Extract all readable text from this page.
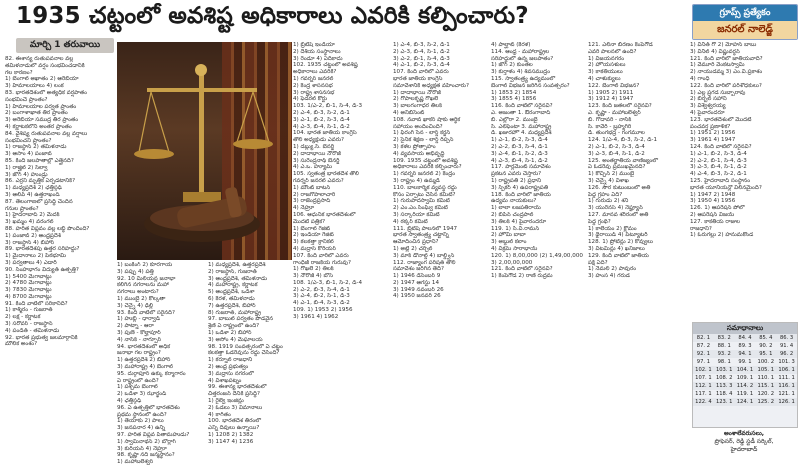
1935 చట్టంలో అవశిష్ట అధికారాలు ఎవరికి కల్పించారు?	గ్రూప్స్ ప్రత్యేకం
జనరల్ నాలెడ్జ్
మార్చి 1 తరువాయి
82. ఈశాన్య రుతుపవనాల వల్ల
తమిళనాడులో వర్షం సంభవించడానికి
గల కారణం?
1) బెంగాల్ అఖాతం 2) ఆరేబియా
3) హిమాలయాలు 4) లంక
83. భారతదేశంలో అత్యధిక వర్షపాతం
సంభవించే ప్రాంతం?
1) హిమాలయాల పర్వత ప్రాంతం
2) బంగాళాఖాత తీర ప్రాంతం
3) అరేబియా సముద్ర తీర ప్రాంతం
4) కర్ణాటకలోని అంతర ప్రాంతం
84. వైశిష్య రుతుపవనాల వల్ల వర్షాలు
సంభవించని ప్రాంతం?
1) రాజస్థాన్ 2) తమిళనాడు
3) ఆసాం 4) పంజాబ్
85. కింది జలపాతాల్లో ఎత్తైనది?
1) రాజ్హిల్ 2) సిల్వా
3) జోగ్ 4) హుండ్రు
86. ఎర్రని మృత్తిక ఏర్పడటానికి?
1) మధ్యప్రదేశ్ 2) ఛత్తీస్గఢ్
3) ఆలివ్ 4) ఉత్తరాఖండ్
87. తెలంగాణలో ప్రసిద్ధి చెందిన
గనుల ప్రాంతం?
1) హైదరాబాద్ 2) మెదక్
3) ఖమ్మం 4) వరంగల్
88. హరిత విప్లవం వల్ల లబ్ధి పొందింది?
1) పంజాబ్ 2) ఆంధ్రప్రదేశ్
3) రాజస్థాన్ 4) బిహార్
89. భారతదేశపు ఉత్తర సరిహద్దు?
1) మైదానాలు 2) పీఠభూమి
3) పర్వతాలు 4) ఎడారి
90. సింహభాగం విద్యుత్ ఉత్పత్తి?
1) 5400 మెగావాట్లు
2) 4780 మెగావాట్లు
3) 7830 మెగావాట్లు
4) 8700 మెగావాట్లు
91. కింది వాటిలో సరికానిది?
1) కాశ్మీరం - గుజరాత్
2) లక్ష - కర్ణాటక
3) సరోవర్ - రాజస్థాన్
4) పండిత్ - తమిళనాడు
92. భారత ప్రభుత్వ జలమార్గానికి
మౌలిక అంశం?
1) బంకింగ్ 2) కూరగాయ
3) పప్పు 4) పత్తి
92. 10 మిలియన్ల జనాభా
కలిగిన నగరాలను మహా
నగరాలు అంటారు?
1) ముంబై 2) కోల్కతా
3) చెన్నై 4) ఢిల్లీ
93. కింది వాటిలో సరైనది?
1) హుబ్లీ - ధార్వాడ్
2) పాట్నా - ఆరా
3) పుణె - కొల్హాపూర్
4) నాసిక్ - నాగ్పూర్
94. భారతదేశంలో అధిక
జనాభా గల రాష్ట్రం?
1) ఉత్తరప్రదేశ్ 2) బిహార్
3) మహారాష్ట్ర 4) బెంగాల్
95. దుర్గాపూర్ ఉక్కు కర్మాగారం
ఏ రాష్ట్రంలో ఉంది?
1) పశ్చిమ బెంగాల్
2) ఒడిశా 3) ఝార్ఖండ్
4) ఛత్తీస్గఢ్
96. ఏ ఉత్పత్తిలో భారతదేశం
ప్రథమ స్థానంలో ఉంది?
1) తేయాకు 2) పాలు
3) జనపనార 4) ఉన్ని
97. హరిత విప్లవ పితామహుడు?
1) స్వామినాథన్ 2) బోర్లాగ్
3) కురియన్ 4) నెహ్రూ
98. కృష్ణా నది జన్మస్థానం?
1) మహాబలేశ్వర్
1) మధ్యప్రదేశ్, ఉత్తరప్రదేశ్
2) రాజస్థాన్, గుజరాత్
3) ఆంధ్రప్రదేశ్, తమిళనాడు
4) మహారాష్ట్ర, కర్ణాటక
5) ఆంధ్రప్రదేశ్, ఒడిశా
6) కేరళ, తమిళనాడు
7) ఉత్తరప్రదేశ్, బిహార్
8) గుజరాత్, మహారాష్ట్ర
97. బాబుల్ పర్వతం పొడవైన
శ్రేణి ఏ రాష్ట్రంలో ఉంది?
1) ఒడిశా 2) బిహార్
3) అసోం 4) మేఘాలయ
98. 1919 సంవత్సరంలో ఏ చట్టం
కలకత్తా ఓడరేవును రద్దు చేసింది?
1) కర్నూల్ రాజధాని
2) ఆంధ్ర ప్రభుత్వం
3) మద్రాసు నగరంలో
4) విశాఖపట్నం
99. ఈశాన్య భారతదేశంలో
చిత్తరంజన్ దేనికి ప్రసిద్ధి?
1) రైల్వే ఇంజిన్లు
2) ఓడలు 3) విమానాలు
4) కాగితం
100. భారతదేశ తీరంలో
ఎన్ని దీవులు ఉన్నాయి?
1) 1208 2) 1382
3) 1147 4) 1236
1) బ్రిటిష్ ఇండియా
2) దేశీయ సంస్థానాలు
3) రెండూ 4) ఏదీకాదు
102. 1935 చట్టంలో అవశిష్ట
అధికారాలు ఎవరికి?
1) గవర్నర్ జనరల్
2) కేంద్ర శాసనసభ
3) రాష్ట్ర శాసనసభ
4) ఫెడరల్ కోర్టు
103. 1/ఎ-2, బి-1, సి-4, డి-3
2) ఎ-4, బి-3, సి-2, డి-1
3) ఎ-1, బి-2, సి-3, డి-4
4) ఎ-3, బి-4, సి-1, డి-2
104. భారత జాతీయ కాంగ్రెస్
తొలి అధ్యక్షుడు ఎవరు?
1) డబ్ల్యు.సి. బెనర్జీ
2) దాదాభాయి నౌరోజీ
3) సురేంద్రనాథ్ బెనర్జీ
4) ఎ.ఒ. హ్యూమ్
105. స్వతంత్ర భారతదేశ తొలి
గవర్నర్ జనరల్ ఎవరు?
1) మౌంట్ బాటన్
2) రాజగోపాలాచారి
3) రాజేంద్రప్రసాద్
4) నెహ్రూ
106. ఆధునిక భారతదేశంలో
మొదటి పత్రిక?
1) బెంగాల్ గెజిట్
2) ఇండియా గెజిట్
3) కలకత్తా క్రానికల్
4) మద్రాస్ కొరియర్
107. కింది వారిలో ఎవరు
గాంధీజీ రాజకీయ గురువు?
1) గోఖలే 2) తిలక్
3) నౌరోజీ 4) బోస్
108. 1/ఎ-3, బి-1, సి-2, డి-4
2) ఎ-2, బి-3, సి-4, డి-1
3) ఎ-4, బి-2, సి-1, డి-3
4) ఎ-1, బి-4, సి-3, డి-2
109. 1) 1953 2) 1956
3) 1961 4) 1962
1) ఎ-4, బి-3, సి-2, డి-1
2) ఎ-3, బి-4, సి-1, డి-2
3) ఎ-2, బి-1, సి-4, డి-3
4) ఎ-1, బి-2, సి-3, డి-4
107. కింది వారిలో ఎవరు
భారత జాతీయ కాంగ్రెస్
సమావేశానికి అధ్యక్షత వహించారు?
1) దాదాభాయి నౌరోజీ
2) గోపాలకృష్ణ గోఖలే
3) బాలగంగాధర తిలక్
4) అనీబిసెంట్
108. నవాబ్ ఖాకర్ షాకు ఆర్థిక
సహాయం అందించింది?
1) ఫిరంగి సేన - లార్డ్ కర్జన్
2) సైనిక శిక్షణ - లార్డ్ రిప్పన్
3) కళల ప్రోత్సాహం
4) వ్యవసాయ అభివృద్ధి
109. 1935 చట్టంలో అవశిష్ట
అధికారాలు ఎవరికి కల్పించారు?
1) గవర్నర్ జనరల్ 2) కేంద్రం
3) రాష్ట్రం 4) ఉమ్మడి
110. బాలకార్మిక వ్యవస్థ రద్దు
కోసం ఏర్పాటు చేసిన కమిటీ?
1) గురుపాదస్వామి కమిటీ
2) ఎం.ఎం.సింఘ్వీ కమిటీ
3) సర్కారియా కమిటీ
4) ఠక్కర్ కమిటీ
111. బ్రిటిష్ పాలనలో 1947
భారత స్వాతంత్ర్య చట్టాన్ని
ఆమోదించిన ప్రధాని?
1) అట్లీ 2) చర్చిల్
3) మాక్ డొనాల్డ్ 4) బాల్డ్విన్
112. రాజ్యాంగ పరిషత్ తొలి
సమావేశం జరిగిన తేదీ?
1) 1946 డిసెంబర్ 9
2) 1947 ఆగస్టు 14
3) 1949 నవంబర్ 26
4) 1950 జనవరి 26
4) పాల్ఘాట్ (కేరళ)
114. ఆంధ్ర - మహారాష్ట్రల
సరిహద్దులో ఉన్న జలపాతం?
1) జోగ్ 2) కుంతల
3) కుర్తాళం 4) శివసముద్రం
115. స్వాతంత్ర్య ఉద్యమంలో
బెంగాల్ విభజన జరిగిన సంవత్సరం?
1) 1853 2) 1854
3) 1855 4) 1856
116. కింది వాటిలో సరైనవి?
ఎ. అజంతా 1. ఔరంగాబాద్
బి. ఎల్లోరా 2. ముంబై
సి. ఎలిఫెంటా 3. మహారాష్ట్ర
డి. ఖజురహో 4. మధ్యప్రదేశ్
1) ఎ-1, బి-2, సి-3, డి-4
2) ఎ-2, బి-3, సి-4, డి-1
3) ఎ-4, బి-1, సి-2, డి-3
4) ఎ-3, బి-4, సి-1, డి-2
117. పార్లమెంట్ సమావేశం
ప్రకటన ఎవరు చేస్తారు?
1) రాష్ట్రపతి 2) ప్రధాని
3) స్పీకర్ 4) ఉపరాష్ట్రపతి
118. కింది వారిలో జాతీయ
ఉద్యమ నాయకులు?
1) లాలా లజపతిరాయ్
2) బిపిన్ చంద్రపాల్
3) తిలక్ 4) పైవారందరూ
119. 1) సి.వి.రామన్
2) హోమీ బాబా
3) అబ్దుల్ కలాం
4) విక్రమ్ సారాభాయ్
120. 1) 8,00,000 (2) 1,49,00,000
3) 2,00,00,000
121. కింది వాటిలో సరైనవి?
1) కెంపెగౌడ 2) రాణి రుద్రమ
121. ఎలీనా బిరణం కెంపెగౌడ
ఎవరి పాలనలో ఉంది?
1) విజయనగరం
2) హోయసళులు
3) కాకతీయులు
4) చాళుక్యులు
122. బెంగాల్ విభజన?
1) 1905 2) 1911
3) 1912 4) 1947
123. కింది జతలలో సరైనవి?
ఎ. కృష్ణా - మహాబలేశ్వర్
బి. గోదావరి - నాసిక్
సి. కావేరి - బ్రహ్మగిరి
డి. తుంగభద్ర - గంగమూల
124. 1/ఎ-4, బి-3, సి-2, డి-1
2) ఎ-1, బి-2, సి-3, డి-4
3) ఎ-3, బి-4, సి-1, డి-2
125. అంతర్జాతీయ వాణిజ్యంలో
ఏ ఓడరేవు ప్రముఖమైనది?
1) కొచ్చిన్ 2) ముంబై
3) చెన్నై 4) విశాఖ
126. సౌర కుటుంబంలో అతి
పెద్ద గ్రహం ఏది?
1) గురుడు 2) శని
3) యురేనస్ 4) నెప్ట్యూన్
127. మానవ శరీరంలో అతి
పెద్ద గ్రంథి?
1) కాలేయం 2) క్లోమం
3) థైరాయిడ్ 4) పిట్యూటరీ
128. 1) ప్రోటీన్లు 2) కొవ్వులు
3) విటమిన్లు 4) ఖనిజాలు
129. కింది వాటిలో జాతీయ
పక్షి ఏది?
1) నెమలి 2) పావురం
3) హంస 4) గరుడ
1) వినీత్ గో 2) మోహన్ బాబు
3) వినీల్ 4) విష్ణువర్ధన్
121. కింది వారిలో జాతీయవాది?
1) వేమూరి వెంకటస్వామి
2) నాయుడమ్మ 3) ఎం.వి.ప్రకాశం
4) గాంధీ
122. కింది వారిలో పరిశోధకులు?
1) ఎల్ల ప్రగడ సుబ్బారావు
2) బీర్బల్ సహాని
3) విశ్వేశ్వరయ్య
4) పైవారందరూ
123. భారతదేశంలో మొదటి
పంచవర్ష ప్రణాళిక?
1) 1951 2) 1956
3) 1961 4) 1947
124. కింది వాటిలో సరైనవి?
1) ఎ-1, బి-2, సి-3, డి-4
2) ఎ-2, బి-1, సి-4, డి-3
3) ఎ-3, బి-4, సి-1, డి-2
4) ఎ-4, బి-3, సి-2, డి-1
125. హైదరాబాద్ సంస్థానం
భారత యూనియన్లో విలీనమైంది?
1) 1947 2) 1948
3) 1950 4) 1956
126. 1) ఆపరేషన్ పోలో
2) ఆపరేషన్ విజయ్
127. కాకతీయ రాజుల
రాజధాని?
1) ఓరుగల్లు 2) హనుమకొండ
సమాధానాలు
82. 1	83. 2	84. 4	85. 4	86. 3
87. 2	88. 1	89. 3	90. 2	91. 4
92. 1	93. 2	94. 1	95. 1	96. 2
97. 1	98. 1	99. 1	100. 2	101. 3
102. 1	103. 1	104. 1	105. 1	106. 1
107. 1	108. 2	109. 1	110. 1	111. 1
112. 1	113. 3	114. 2	115. 1	116. 1
117. 1	118. 4	119. 1	120. 2	121. 1
122. 4	123. 1	124. 1	125. 2	126. 1
అంశాలేవరుసలు,
ప్రొఫెసర్, రెడ్డి స్టడీ సర్కిల్,
హైదరాబాద్
